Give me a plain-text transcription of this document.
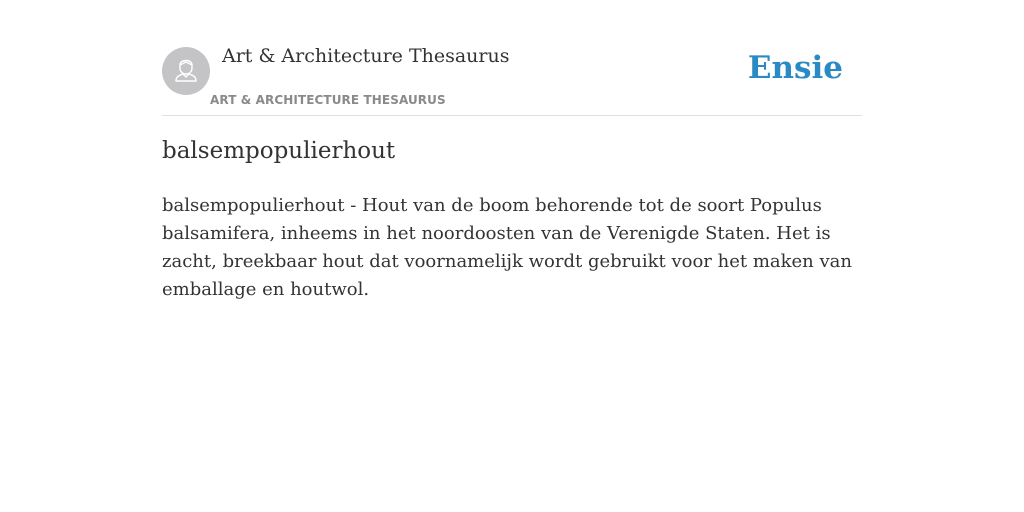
Art & Architecture Thesaurus
ART & ARCHITECTURE THESAURUS
Ensie
balsempopulierhout

balsempopulierhout - Hout van de boom behorende tot de soort Populus balsamifera, inheems in het noordoosten van de Verenigde Staten. Het is zacht, breekbaar hout dat voornamelijk wordt gebruikt voor het maken van emballage en houtwol.
